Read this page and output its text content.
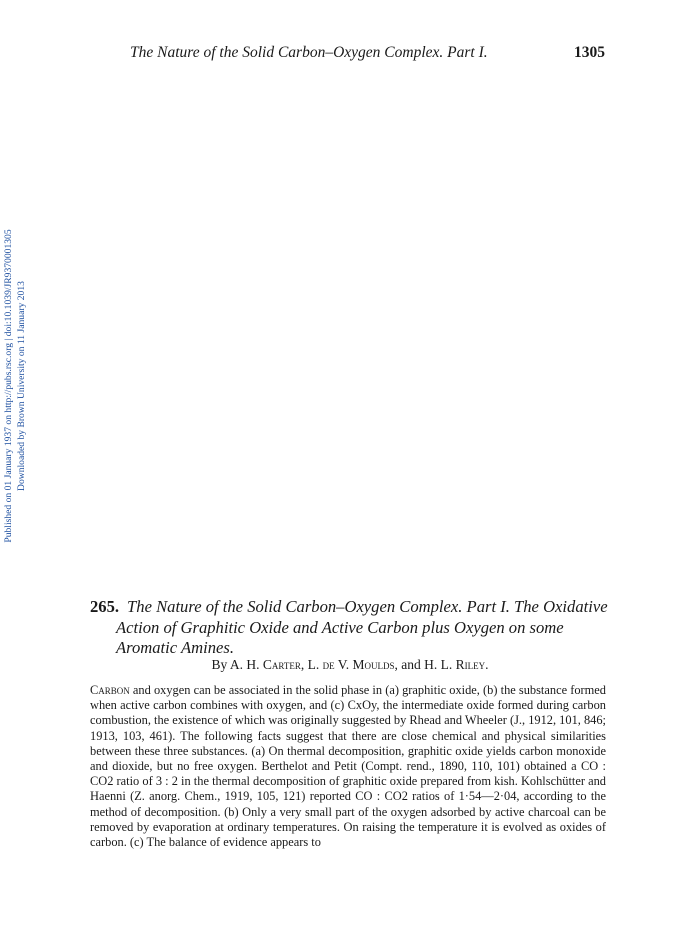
The Nature of the Solid Carbon–Oxygen Complex. Part I.	1305
Published on 01 January 1937 on http://pubs.rsc.org | doi:10.1039/JR9370001305 Downloaded by Brown University on 11 January 2013
265. The Nature of the Solid Carbon–Oxygen Complex. Part I. The Oxidative Action of Graphitic Oxide and Active Carbon plus Oxygen on some Aromatic Amines.
By A. H. Carter, L. de V. Moulds, and H. L. Riley.
Carbon and oxygen can be associated in the solid phase in (a) graphitic oxide, (b) the substance formed when active carbon combines with oxygen, and (c) CxOy, the intermediate oxide formed during carbon combustion, the existence of which was originally suggested by Rhead and Wheeler (J., 1912, 101, 846; 1913, 103, 461). The following facts suggest that there are close chemical and physical similarities between these three substances. (a) On thermal decomposition, graphitic oxide yields carbon monoxide and dioxide, but no free oxygen. Berthelot and Petit (Compt. rend., 1890, 110, 101) obtained a CO : CO2 ratio of 3 : 2 in the thermal decomposition of graphitic oxide prepared from kish. Kohlschütter and Haenni (Z. anorg. Chem., 1919, 105, 121) reported CO : CO2 ratios of 1·54—2·04, according to the method of decomposition. (b) Only a very small part of the oxygen adsorbed by active charcoal can be removed by evaporation at ordinary temperatures. On raising the temperature it is evolved as oxides of carbon. (c) The balance of evidence appears to
